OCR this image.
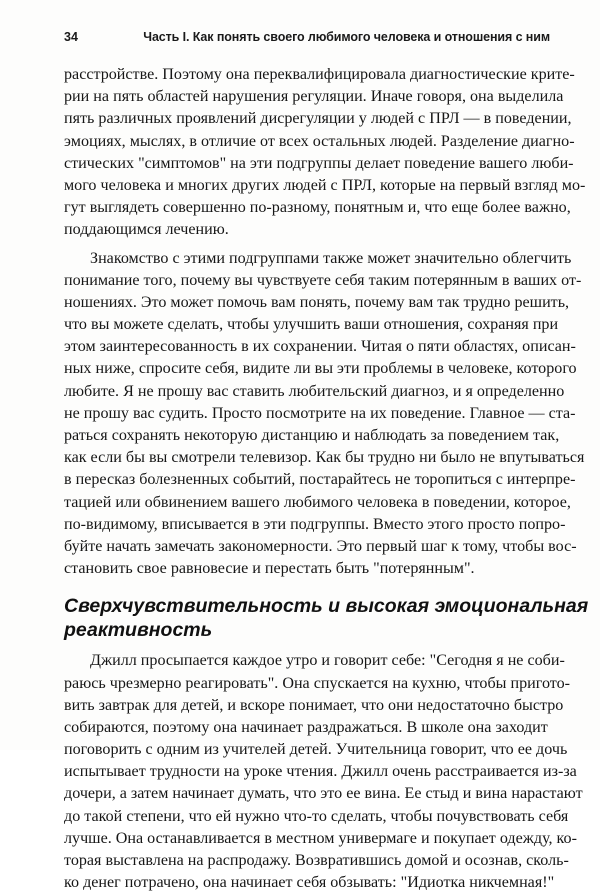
34	Часть I. Как понять своего любимого человека и отношения с ним
расстройстве. Поэтому она переквалифицировала диагностические крите-
рии на пять областей нарушения регуляции. Иначе говоря, она выделила
пять различных проявлений дисрегуляции у людей с ПРЛ — в поведении,
эмоциях, мыслях, в отличие от всех остальных людей. Разделение диагно-
стических "симптомов" на эти подгруппы делает поведение вашего люби-
мого человека и многих других людей с ПРЛ, которые на первый взгляд мо-
гут выглядеть совершенно по-разному, понятным и, что еще более важно,
поддающимся лечению.
Знакомство с этими подгруппами также может значительно облегчить
понимание того, почему вы чувствуете себя таким потерянным в ваших от-
ношениях. Это может помочь вам понять, почему вам так трудно решить,
что вы можете сделать, чтобы улучшить ваши отношения, сохраняя при
этом заинтересованность в их сохранении. Читая о пяти областях, описан-
ных ниже, спросите себя, видите ли вы эти проблемы в человеке, которого
любите. Я не прошу вас ставить любительский диагноз, и я определенно
не прошу вас судить. Просто посмотрите на их поведение. Главное — ста-
раться сохранять некоторую дистанцию и наблюдать за поведением так,
как если бы вы смотрели телевизор. Как бы трудно ни было не впутываться
в пересказ болезненных событий, постарайтесь не торопиться с интерпре-
тацией или обвинением вашего любимого человека в поведении, которое,
по-видимому, вписывается в эти подгруппы. Вместо этого просто попро-
буйте начать замечать закономерности. Это первый шаг к тому, чтобы вос-
становить свое равновесие и перестать быть "потерянным".
Сверхчувствительность и высокая эмоциональная
реактивность
Джилл просыпается каждое утро и говорит себе: "Сегодня я не соби-
раюсь чрезмерно реагировать". Она спускается на кухню, чтобы пригото-
вить завтрак для детей, и вскоре понимает, что они недостаточно быстро
собираются, поэтому она начинает раздражаться. В школе она заходит
поговорить с одним из учителей детей. Учительница говорит, что ее дочь
испытывает трудности на уроке чтения. Джилл очень расстраивается из-за
дочери, а затем начинает думать, что это ее вина. Ее стыд и вина нарастают
до такой степени, что ей нужно что-то сделать, чтобы почувствовать себя
лучше. Она останавливается в местном универмаге и покупает одежду, ко-
торая выставлена на распродажу. Возвратившись домой и осознав, сколь-
ко денег потрачено, она начинает себя обзывать: "Идиотка никчемная!"
